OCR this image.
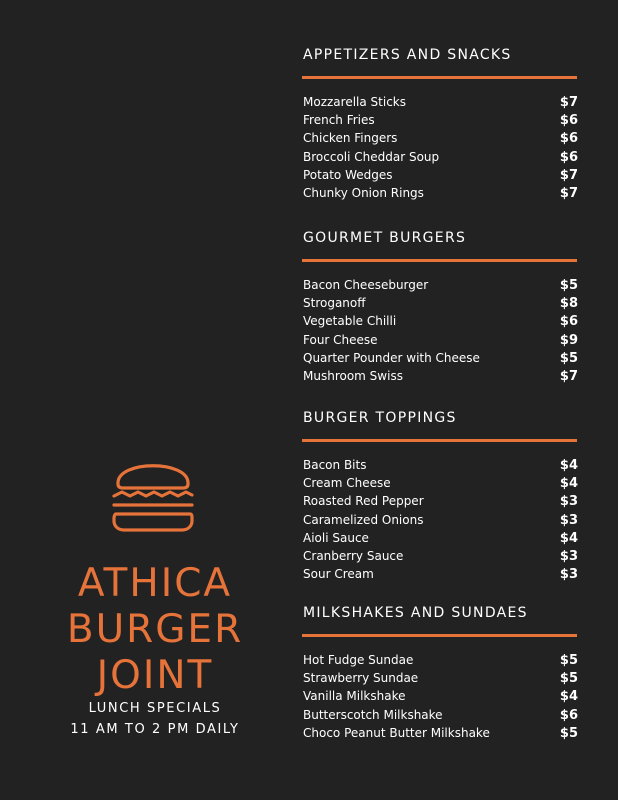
ATHICA
BURGER
JOINT
LUNCH SPECIALS
11 AM TO 2 PM DAILY
APPETIZERS AND SNACKS
Mozzarella Sticks	$7
French Fries	$6
Chicken Fingers	$6
Broccoli Cheddar Soup	$6
Potato Wedges	$7
Chunky Onion Rings	$7
GOURMET BURGERS
Bacon Cheeseburger	$5
Stroganoff	$8
Vegetable Chilli	$6
Four Cheese	$9
Quarter Pounder with Cheese	$5
Mushroom Swiss	$7
BURGER TOPPINGS
Bacon Bits	$4
Cream Cheese	$4
Roasted Red Pepper	$3
Caramelized Onions	$3
Aioli Sauce	$4
Cranberry Sauce	$3
Sour Cream	$3
MILKSHAKES AND SUNDAES
Hot Fudge Sundae	$5
Strawberry Sundae	$5
Vanilla Milkshake	$4
Butterscotch Milkshake	$6
Choco Peanut Butter Milkshake	$5
